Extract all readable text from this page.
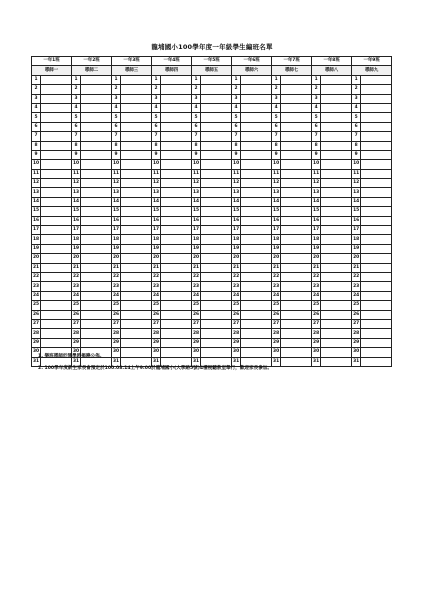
龍埔國小100學年度一年級學生編班名單
一年1班		一年2班		一年3班		一年4班		一年5班		一年6班		一年7班		一年8班		一年9班	
導師一		導師二		導師三		導師四		導師五		導師六		導師七		導師八		導師九	
1		1		1		1		1		1		1		1		1	
2		2		2		2		2		2		2		2		2	
3		3		3		3		3		3		3		3		3	
4		4		4		4		4		4		4		4		4	
5		5		5		5		5		5		5		5		5	
6		6		6		6		6		6		6		6		6	
7		7		7		7		7		7		7		7		7	
8		8		8		8		8		8		8		8		8	
9		9		9		9		9		9		9		9		9	
10		10		10		10		10		10		10		10		10	
11		11		11		11		11		11		11		11		11	
12		12		12		12		12		12		12		12		12	
13		13		13		13		13		13		13		13		13	
14		14		14		14		14		14		14		14		14	
15		15		15		15		15		15		15		15		15	
16		16		16		16		16		16		16		16		16	
17		17		17		17		17		17		17		17		17	
18		18		18		18		18		18		18		18		18	
19		19		19		19		19		19		19		19		19	
20		20		20		20		20		20		20		20		20	
21		21		21		21		21		21		21		21		21	
22		22		22		22		22		22		22		22		22	
23		23		23		23		23		23		23		23		23	
24		24		24		24		24		24		24		24		24	
25		25		25		25		25		25		25		25		25	
26		26		26		26		26		26		26		26		26	
27		27		27		27		27		27		27		27		27	
28		28		28		28		28		28		28		28		28	
29		29		29		29		29		29		29		29		29	
30		30		30		30		30		30		30		30		30	
31		31		31		31		31		31		31		31		31	

1. 樂班導師於開學時揭曉公佈。

2. 100學年度新生家長會預定於100.08.14上午9:00於龍埔國小(大學路5號)4樓視聽教室舉行，歡迎家長參加。
